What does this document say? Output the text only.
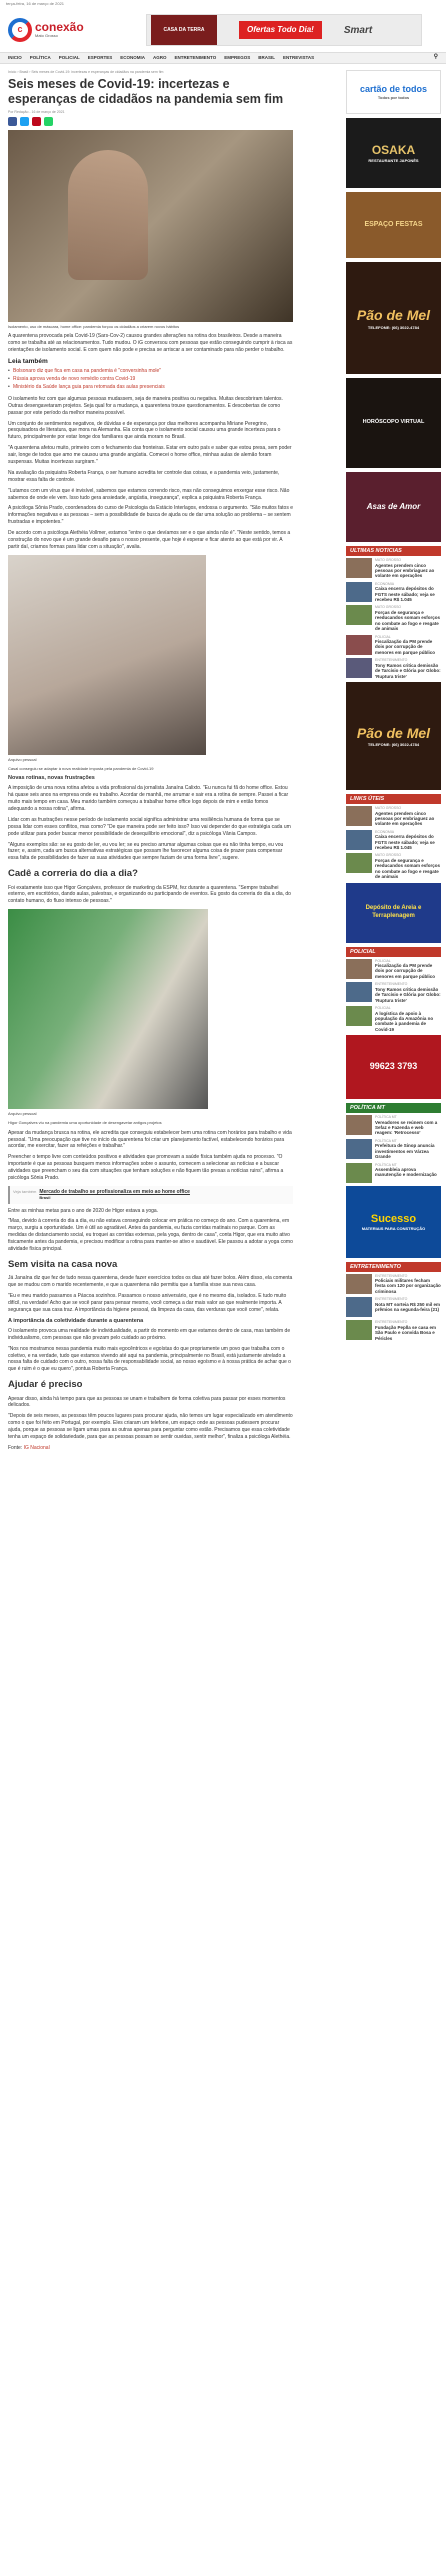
terça-feira, 16 de março de 2021
c	conexão
Mato Grosso
CASA DA TERRA	Ofertas Todo Dia!	Smart
INICIO POLÍTICA POLICIAL ESPORTES ECONOMIA AGRO ENTRETENIMENTO EMPREGOS BRASIL ENTREVISTAS	⚲
Início › Brasil › Seis meses de Covid-19: incertezas e esperanças de cidadãos na pandemia sem fim
Seis meses de Covid-19: incertezas e esperanças de cidadãos na pandemia sem fim
Por Redação - 16 de março de 2021
Isolamento, uso de máscara, home office: pandemia forçou os cidadãos a criarem novos hábitos

A quarentena provocada pela Covid-19 (Sars-Cov-2) causou grandes alterações na rotina dos brasileiros. Desde a maneira como se trabalha até as relacionamentos. Tudo mudou. O iG conversou com pessoas que estão conseguindo cumprir à risca as orientações de isolamento social. E com quem não pode e precisa se arriscar a ser contaminado para não perder o trabalho.

Leia também
• Bolsonaro diz que fica em casa na pandemia é "conversinha mole"
• Rússia aprova venda de novo remédio contra Covid-19
• Ministério da Saúde lança guia para retomada das aulas presenciais

O isolamento fez com que algumas pessoas mudassem, seja de maneira positiva ou negativa. Muitas descobriram talentos. Outras desengavetaram projetos. Seja qual for a mudança, a quarentena trouxe questionamentos. E descobertas de como passar por este período da melhor maneira possível.

Um conjunto de sentimentos negativos, de dúvidas e de esperança por dias melhores acompanha Miriane Peregrino, pesquisadora de literatura, que mora na Alemanha. Ela conta que o isolamento social causou uma grande incerteza para o futuro, principalmente por estar longe dos familiares que ainda moram no Brasil.

"A quarentena afetou muito, primeiro com o fechamento das fronteiras. Estar em outro país e saber que estou presa, sem poder sair, longe de todos que amo me causou uma grande angústia. Comecei o home office, minhas aulas de alemão foram suspensas. Muitas incertezas surgiram."

Na avaliação da psiquiatra Roberta França, o ser humano acredita ter controle das coisas, e a pandemia veio, justamente, mostrar essa falta de controle.

"Lutamos com um vírus que é invisível, sabemos que estamos correndo risco, mas não conseguimos enxergar esse risco. Não sabemos de onde ele vem. Isso tudo gera ansiedade, angústia, insegurança", explica a psiquiatra Roberta França.

A psicóloga Sônia Prado, coordenadora do curso de Psicologia da Estácio Interlagos, endossa o argumento. "São muitos fatos e informações negativas e as pessoas – sem a possibilidade de busca de ajuda ou de dar uma solução ao problema – se sentem frustradas e impotentes."

De acordo com a psicóloga Alethéia Vollmer, estamos "entre o que devíamos ser e o que ainda não é". "Neste sentido, temos a construção do novo que é um grande desafio para o nosso presente, que hoje é esperar e ficar atento ao que está por vir. A partir daí, criamos formas para lidar com a situação", avalia.

Arquivo pessoal
Casal conseguiu se adaptar à nova realidade imposta pela pandemia de Covid-19
Novas rotinas, novas frustrações

A imposição de uma nova rotina afetou a vida profissional da jornalista Janaína Calixto. "Eu nunca fui fã do home office. Estou há quase seis anos na empresa onde eu trabalho. Acordar de manhã, me arrumar e sair era a rotina de sempre. Passei a ficar muito mais tempo em casa. Meu marido também começou a trabalhar home office logo depois de mim e então fomos adequando a nossa rotina", afirma.

Lidar com as frustrações nesse período de isolamento social significa administrar uma resiliência humana de forma que se possa lidar com esses conflitos, mas como? "De que maneira pode ser feito isso? Isso vai depender do que estratégia cada um pode utilizar para poder buscar menor possibilidade de desequilíbrio emocional", diz a psicóloga Vânia Campos.

"Alguns exemplos são: se eu gosto de ler, eu vou ler; se eu preciso arrumar algumas coisas que eu não tinha tempo, eu vou fazer; e, assim, cada um busca alternativas estratégicas que possam lhe favorecer alguma coisa de prazer para compensar essa falta de possibilidades de fazer as suas atividades que sempre faziam de uma forma livre", sugere.

Cadê a correria do dia a dia?

Foi exatamente isso que Higor Gonçalves, professor de marketing da ESPM, fez durante a quarentena. "Sempre trabalhei externo, em escritórios, dando aulas, palestras, e organizando ou participando de eventos. Eu gosto da correria do dia a dia, do contato humano, do fluxo intenso de pessoas."

Arquivo pessoal
Higor Gonçalves viu na pandemia uma oportunidade de desengavetar antigos projetos

Apesar da mudança brusca na rotina, ele acredita que conseguiu estabelecer bem uma rotina com horários para trabalho e vida pessoal. "Uma preocupação que tive no início da quarentena foi criar um planejamento factível, estabelecendo horários para acordar, me exercitar, fazer as refeições e trabalhar."

Preencher o tempo livre com conteúdos positivos e atividades que promovam a saúde física também ajuda no processo. "O importante é que as pessoas busquem menos informações sobre o assunto, comecem a selecionar as notícias e a buscar atividades que preencham o seu dia com situações que tenham soluções e não fiquem tão presas a notícias ruins", afirma a psicóloga Sônia Prado.

Veja também Mercado de trabalho se profissionaliza em meio ao home office
Brasil

Entre as minhas metas para o ano de 2020 de Higor estava a yoga.

"Mas, devido à correria do dia a dia, eu não estava conseguindo colocar em prática no começo do ano. Com a quarentena, em março, surgiu a oportunidade. Um é útil ao agradável. Antes da pandemia, eu fazia corridas matinais no parque. Com as medidas de distanciamento social, eu troquei as corridas externas, pela yoga, dentro de casa", conta Higor, que era muito ativo fisicamente antes da pandemia, e precisou modificar a rotina para manter-se ativo e saudável. Ele passou a adotar a yoga como atividade física principal.

Sem visita na casa nova

Já Janaína diz que fez de tudo nessa quarentena, desde fazer exercícios todos os dias até fazer bolos. Além disso, ela comenta que se mudou com o marido recentemente, e que a quarentena não permitiu que a família visse sua nova casa.

"Eu e meu marido passamos a Páscoa sozinhos. Passamos o nosso aniversário, que é no mesmo dia, isolados. E tudo muito difícil, na verdade! Acho que se você parar para pensar mesmo, você começa a dar mais valor ao que realmente importa. A segurança que sua casa traz. A importância da higiene pessoal, da limpeza da casa, das verduras que você come", relata.

A importância da coletividade durante a quarentena

O isolamento provoca uma realidade de individualidade, a partir do momento em que estamos dentro de casa, mas também de individualismo, com pessoas que não prezam pelo cuidado ao próximo.

"Nos nos mostramos nessa pandemia muito mais egocêntricos e egoístas do que propriamente um povo que trabalha com o coletivo, e na verdade, tudo que estamos vivendo até aqui na pandemia, principalmente no Brasil, está justamente atrelado a nossa falta de cuidado com o outro, nossa falta de responsabilidade social, ao nosso egoísmo e à nossa prática de achar que o que é ruim é o que eu quero", pontua Roberta França.

Ajudar é preciso

Apesar disso, ainda há tempo para que as pessoas se unam e trabalhem de forma coletiva para passar por esses momentos delicados.

"Depois de seis meses, as pessoas têm poucos lugares para procurar ajuda, não temos um lugar especializado em atendimento como o que foi feito em Portugal, por exemplo. Eles criaram um telefone, um espaço onde as pessoas pudessem procurar ajuda, porque as pessoas se ligam umas para as outras apenas para perguntar como estão. Precisamos que essa coletividade tenha um espaço de solidariedade, para que as pessoas possam se sentir ouvidas, sentir melhor", finaliza a psicóloga Alethéia.

Fonte: IG Nacional
cartão de todos
Todos por todos
OSAKA
RESTAURANTE JAPONÊS
ESPAÇO FESTAS
Pão de Mel
TELEFONE: (66) 3022-4784
HORÓSCOPO VIRTUAL
Asas de Amor
ULTIMAS NOTICIAS
MATO GROSSO
Agentes prendem cinco pessoas por embriaguez ao volante em operações
ECONOMIA
Caixa encerra depósitos do FGTS neste sábado; veja se recebeu R$ 1.045
MATO GROSSO
Forças de segurança e reeducandos somam esforços no combate ao fogo e resgate de animais
POLICIAL
Fiscalização da PM prende dois por corrupção de menores em parque público
ENTRETENIMENTO
Tony Ramos critica demissão de Tarcísio e Glória por Globo: 'Ruptura triste'
Pão de Mel
TELEFONE: (66) 3022-4784
LINKS ÚTEIS
MATO GROSSO
Agentes prendem cinco pessoas por embriaguez ao volante em operações
ECONOMIA
Caixa encerra depósitos do FGTS neste sábado; veja se recebeu R$ 1.045
MATO GROSSO
Forças de segurança e reeducandos somam esforços no combate ao fogo e resgate de animais
Depósito de Areia e Terraplenagem
POLICIAL
POLICIAL
Fiscalização da PM prende dois por corrupção de menores em parque público
ENTRETENIMENTO
Tony Ramos critica demissão de Tarcísio e Glória por Globo: 'Ruptura triste'
POLICIAL
A logística de apoio à população da Amazônia no combate à pandemia de Covid-19
99623 3793
POLÍTICA MT
POLÍTICA MT
Vereadores se reúnem com a Sefaz e Fazenda e web reagem: 'Retrocesso'
POLÍTICA MT
Prefeitura de Sinop anuncia investimentos em Várzea Grande
POLÍTICA MT
Assembleia aprova manutenção e modernização
Sucesso
MATERIAIS PARA CONSTRUÇÃO
ENTRETENIMENTO
ENTRETENIMENTO
Policiais militares fecham festa com 120 por organização criminosa
ENTRETENIMENTO
Nota MT sorteia R$ 250 mil em prêmios na segunda-feira (21)
ENTRETENIMENTO
Fundação Peplla se casa em São Paulo e convida Bosa e Péricles
